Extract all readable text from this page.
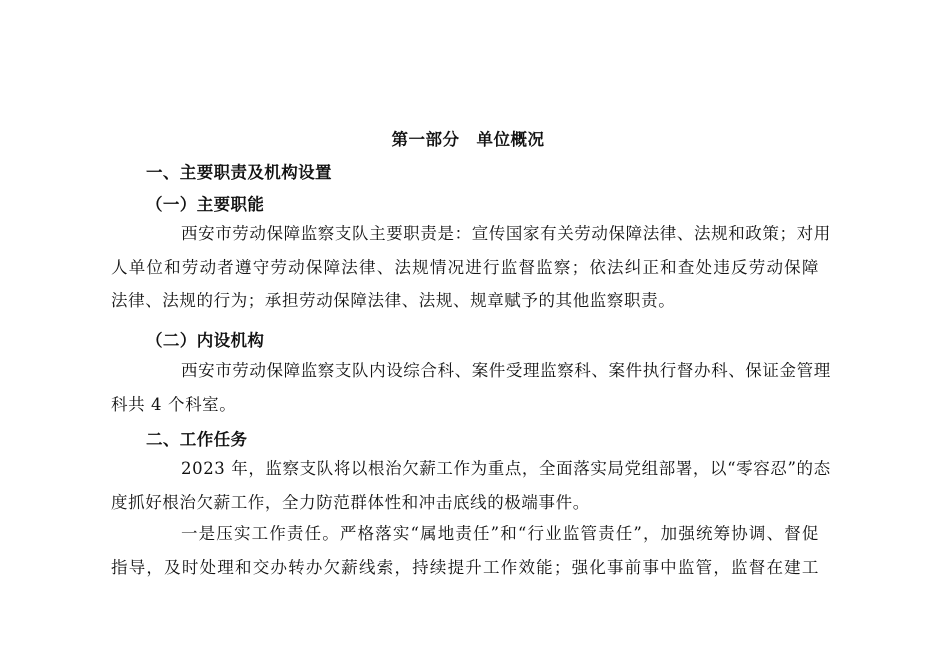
第一部分　单位概况
一、主要职责及机构设置
（一）主要职能
西安市劳动保障监察支队主要职责是：宣传国家有关劳动保障法律、法规和政策；对用
人单位和劳动者遵守劳动保障法律、法规情况进行监督监察；依法纠正和查处违反劳动保障
法律、法规的行为；承担劳动保障法律、法规、规章赋予的其他监察职责。
（二）内设机构
西安市劳动保障监察支队内设综合科、案件受理监察科、案件执行督办科、保证金管理
科共 4 个科室。
二、工作任务
2023 年，监察支队将以根治欠薪工作为重点，全面落实局党组部署，以“零容忍”的态
度抓好根治欠薪工作，全力防范群体性和冲击底线的极端事件。
一是压实工作责任。严格落实“属地责任”和“行业监管责任”，加强统筹协调、督促
指导，及时处理和交办转办欠薪线索，持续提升工作效能；强化事前事中监管，监督在建工
